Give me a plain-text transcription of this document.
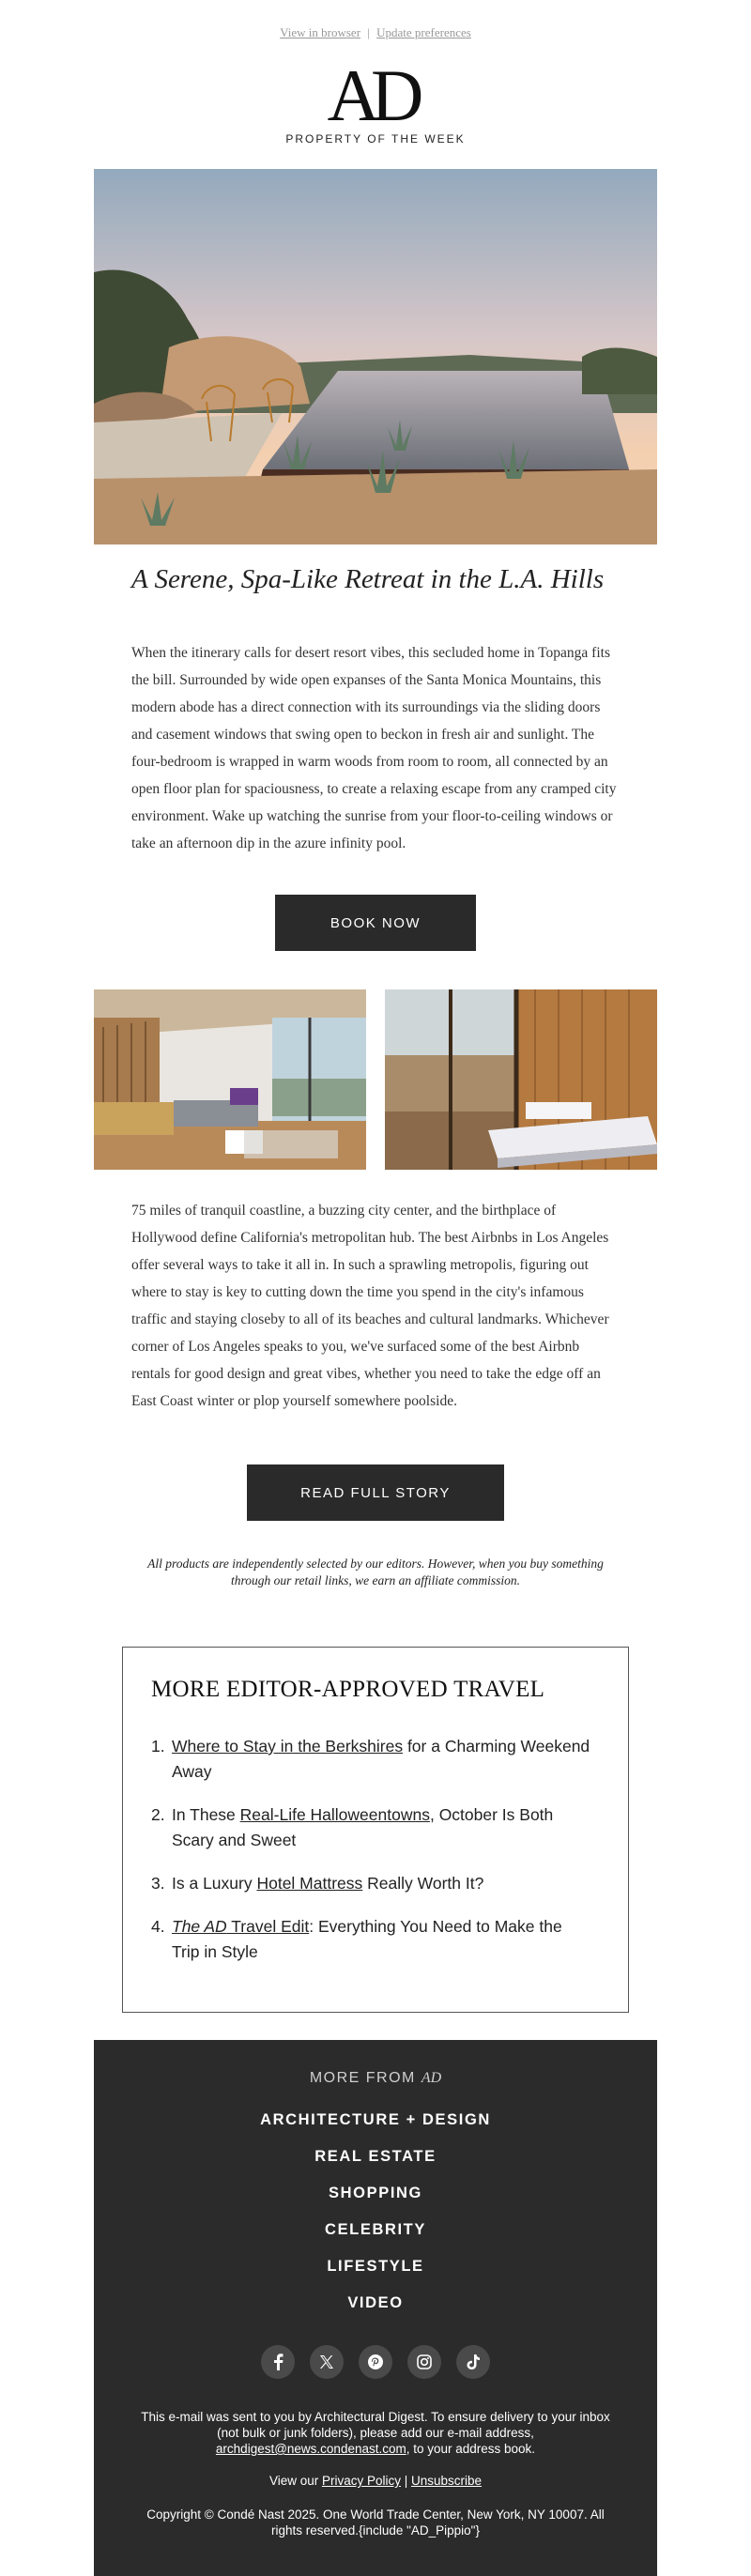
View in browser | Update preferences
AD
PROPERTY OF THE WEEK
A Serene, Spa-Like Retreat in the L.A. Hills

When the itinerary calls for desert resort vibes, this secluded home in Topanga fits the bill. Surrounded by wide open expanses of the Santa Monica Mountains, this modern abode has a direct connection with its surroundings via the sliding doors and casement windows that swing open to beckon in fresh air and sunlight. The four-bedroom is wrapped in warm woods from room to room, all connected by an open floor plan for spaciousness, to create a relaxing escape from any cramped city environment. Wake up watching the sunrise from your floor-to-ceiling windows or take an afternoon dip in the azure infinity pool.

BOOK NOW

75 miles of tranquil coastline, a buzzing city center, and the birthplace of Hollywood define California's metropolitan hub. The best Airbnbs in Los Angeles offer several ways to take it all in. In such a sprawling metropolis, figuring out where to stay is key to cutting down the time you spend in the city's infamous traffic and staying closeby to all of its beaches and cultural landmarks. Whichever corner of Los Angeles speaks to you, we've surfaced some of the best Airbnb rentals for good design and great vibes, whether you need to take the edge off an East Coast winter or plop yourself somewhere poolside.

READ FULL STORY

All products are independently selected by our editors. However, when you buy something through our retail links, we earn an affiliate commission.

MORE EDITOR-APPROVED TRAVEL
1. Where to Stay in the Berkshires for a Charming Weekend Away
2. In These Real-Life Halloweentowns, October Is Both Scary and Sweet
3. Is a Luxury Hotel Mattress Really Worth It?
4. The AD Travel Edit: Everything You Need to Make the Trip in Style
MORE FROM AD
ARCHITECTURE + DESIGN
REAL ESTATE
SHOPPING
CELEBRITY
LIFESTYLE
VIDEO

This e-mail was sent to you by Architectural Digest. To ensure delivery to your inbox (not bulk or junk folders), please add our e-mail address, archdigest@news.condenast.com, to your address book.

View our Privacy Policy | Unsubscribe

Copyright © Condé Nast 2025. One World Trade Center, New York, NY 10007. All rights reserved.{include "AD_Pippio"}
